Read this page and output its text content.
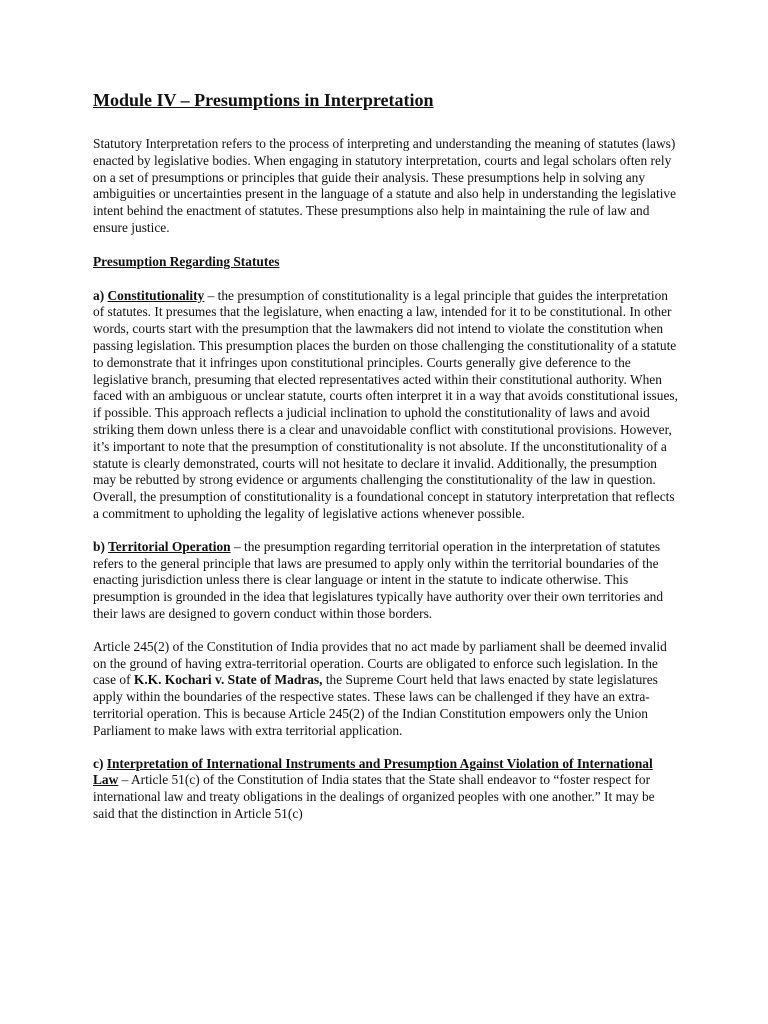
Module IV – Presumptions in Interpretation

Statutory Interpretation refers to the process of interpreting and understanding the meaning of statutes (laws) enacted by legislative bodies. When engaging in statutory interpretation, courts and legal scholars often rely on a set of presumptions or principles that guide their analysis. These presumptions help in solving any ambiguities or uncertainties present in the language of a statute and also help in understanding the legislative intent behind the enactment of statutes. These presumptions also help in maintaining the rule of law and ensure justice.

Presumption Regarding Statutes

a) Constitutionality – the presumption of constitutionality is a legal principle that guides the interpretation of statutes. It presumes that the legislature, when enacting a law, intended for it to be constitutional. In other words, courts start with the presumption that the lawmakers did not intend to violate the constitution when passing legislation. This presumption places the burden on those challenging the constitutionality of a statute to demonstrate that it infringes upon constitutional principles. Courts generally give deference to the legislative branch, presuming that elected representatives acted within their constitutional authority. When faced with an ambiguous or unclear statute, courts often interpret it in a way that avoids constitutional issues, if possible. This approach reflects a judicial inclination to uphold the constitutionality of laws and avoid striking them down unless there is a clear and unavoidable conflict with constitutional provisions. However, it’s important to note that the presumption of constitutionality is not absolute. If the unconstitutionality of a statute is clearly demonstrated, courts will not hesitate to declare it invalid. Additionally, the presumption may be rebutted by strong evidence or arguments challenging the constitutionality of the law in question. Overall, the presumption of constitutionality is a foundational concept in statutory interpretation that reflects a commitment to upholding the legality of legislative actions whenever possible.

b) Territorial Operation – the presumption regarding territorial operation in the interpretation of statutes refers to the general principle that laws are presumed to apply only within the territorial boundaries of the enacting jurisdiction unless there is clear language or intent in the statute to indicate otherwise. This presumption is grounded in the idea that legislatures typically have authority over their own territories and their laws are designed to govern conduct within those borders.

Article 245(2) of the Constitution of India provides that no act made by parliament shall be deemed invalid on the ground of having extra-territorial operation. Courts are obligated to enforce such legislation. In the case of K.K. Kochari v. State of Madras, the Supreme Court held that laws enacted by state legislatures apply within the boundaries of the respective states. These laws can be challenged if they have an extra-territorial operation. This is because Article 245(2) of the Indian Constitution empowers only the Union Parliament to make laws with extra territorial application.

c) Interpretation of International Instruments and Presumption Against Violation of International Law – Article 51(c) of the Constitution of India states that the State shall endeavor to “foster respect for international law and treaty obligations in the dealings of organized peoples with one another.” It may be said that the distinction in Article 51(c)
